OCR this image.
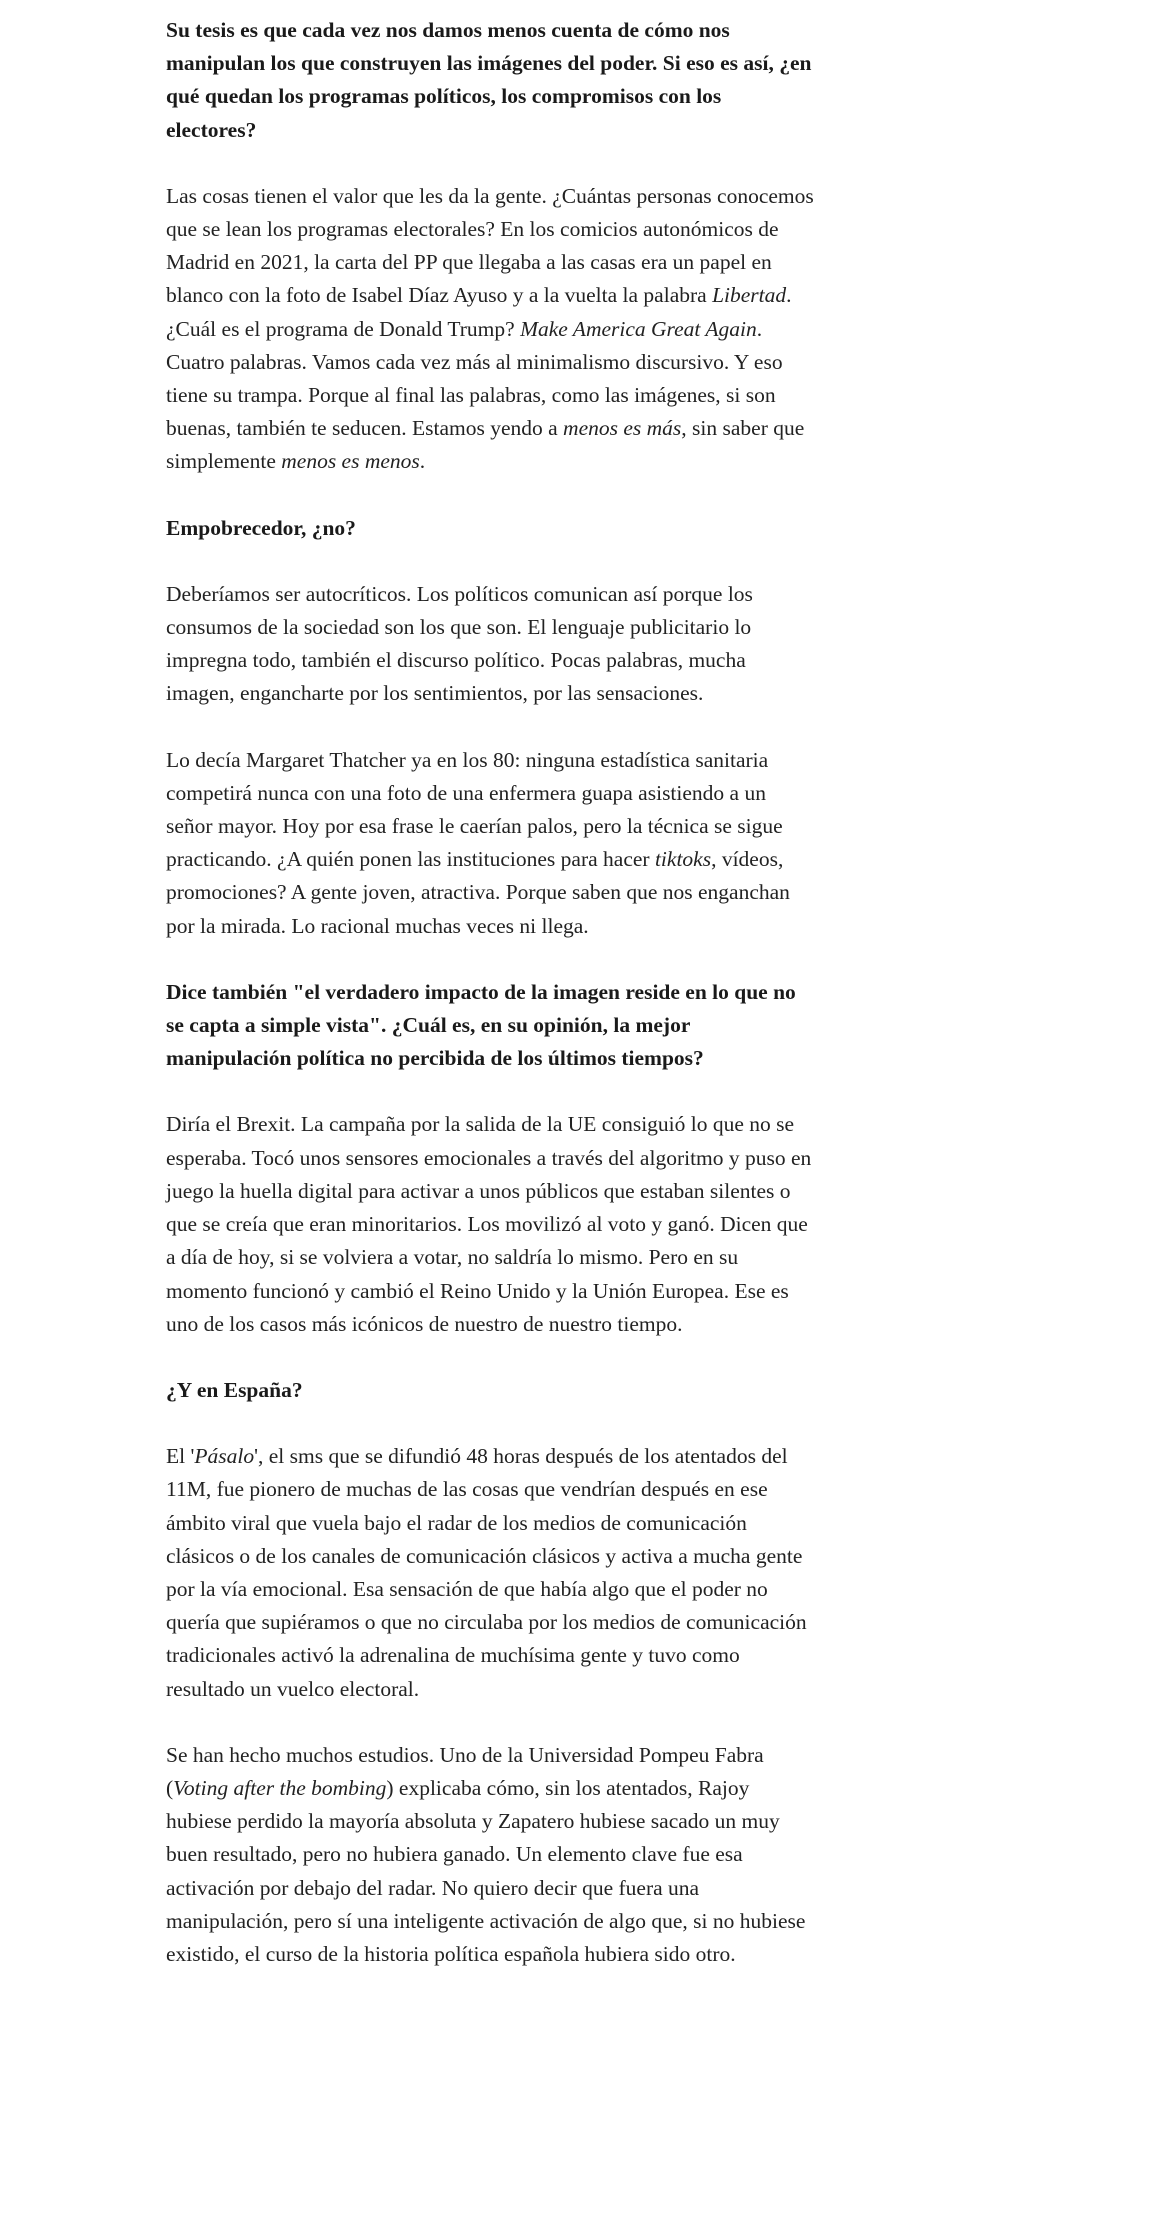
Su tesis es que cada vez nos damos menos cuenta de cómo nos manipulan los que construyen las imágenes del poder. Si eso es así, ¿en qué quedan los programas políticos, los compromisos con los electores?

Las cosas tienen el valor que les da la gente. ¿Cuántas personas conocemos que se lean los programas electorales? En los comicios autonómicos de Madrid en 2021, la carta del PP que llegaba a las casas era un papel en blanco con la foto de Isabel Díaz Ayuso y a la vuelta la palabra Libertad. ¿Cuál es el programa de Donald Trump? Make America Great Again. Cuatro palabras. Vamos cada vez más al minimalismo discursivo. Y eso tiene su trampa. Porque al final las palabras, como las imágenes, si son buenas, también te seducen. Estamos yendo a menos es más, sin saber que simplemente menos es menos.

Empobrecedor, ¿no?

Deberíamos ser autocríticos. Los políticos comunican así porque los consumos de la sociedad son los que son. El lenguaje publicitario lo impregna todo, también el discurso político. Pocas palabras, mucha imagen, engancharte por los sentimientos, por las sensaciones.

Lo decía Margaret Thatcher ya en los 80: ninguna estadística sanitaria competirá nunca con una foto de una enfermera guapa asistiendo a un señor mayor. Hoy por esa frase le caerían palos, pero la técnica se sigue practicando. ¿A quién ponen las instituciones para hacer tiktoks, vídeos, promociones? A gente joven, atractiva. Porque saben que nos enganchan por la mirada. Lo racional muchas veces ni llega.

Dice también "el verdadero impacto de la imagen reside en lo que no se capta a simple vista". ¿Cuál es, en su opinión, la mejor manipulación política no percibida de los últimos tiempos?

Diría el Brexit. La campaña por la salida de la UE consiguió lo que no se esperaba. Tocó unos sensores emocionales a través del algoritmo y puso en juego la huella digital para activar a unos públicos que estaban silentes o que se creía que eran minoritarios. Los movilizó al voto y ganó. Dicen que a día de hoy, si se volviera a votar, no saldría lo mismo. Pero en su momento funcionó y cambió el Reino Unido y la Unión Europea. Ese es uno de los casos más icónicos de nuestro de nuestro tiempo.

¿Y en España?

El 'Pásalo', el sms que se difundió 48 horas después de los atentados del 11M, fue pionero de muchas de las cosas que vendrían después en ese ámbito viral que vuela bajo el radar de los medios de comunicación clásicos o de los canales de comunicación clásicos y activa a mucha gente por la vía emocional. Esa sensación de que había algo que el poder no quería que supiéramos o que no circulaba por los medios de comunicación tradicionales activó la adrenalina de muchísima gente y tuvo como resultado un vuelco electoral.

Se han hecho muchos estudios. Uno de la Universidad Pompeu Fabra (Voting after the bombing) explicaba cómo, sin los atentados, Rajoy hubiese perdido la mayoría absoluta y Zapatero hubiese sacado un muy buen resultado, pero no hubiera ganado. Un elemento clave fue esa activación por debajo del radar. No quiero decir que fuera una manipulación, pero sí una inteligente activación de algo que, si no hubiese existido, el curso de la historia política española hubiera sido otro.
